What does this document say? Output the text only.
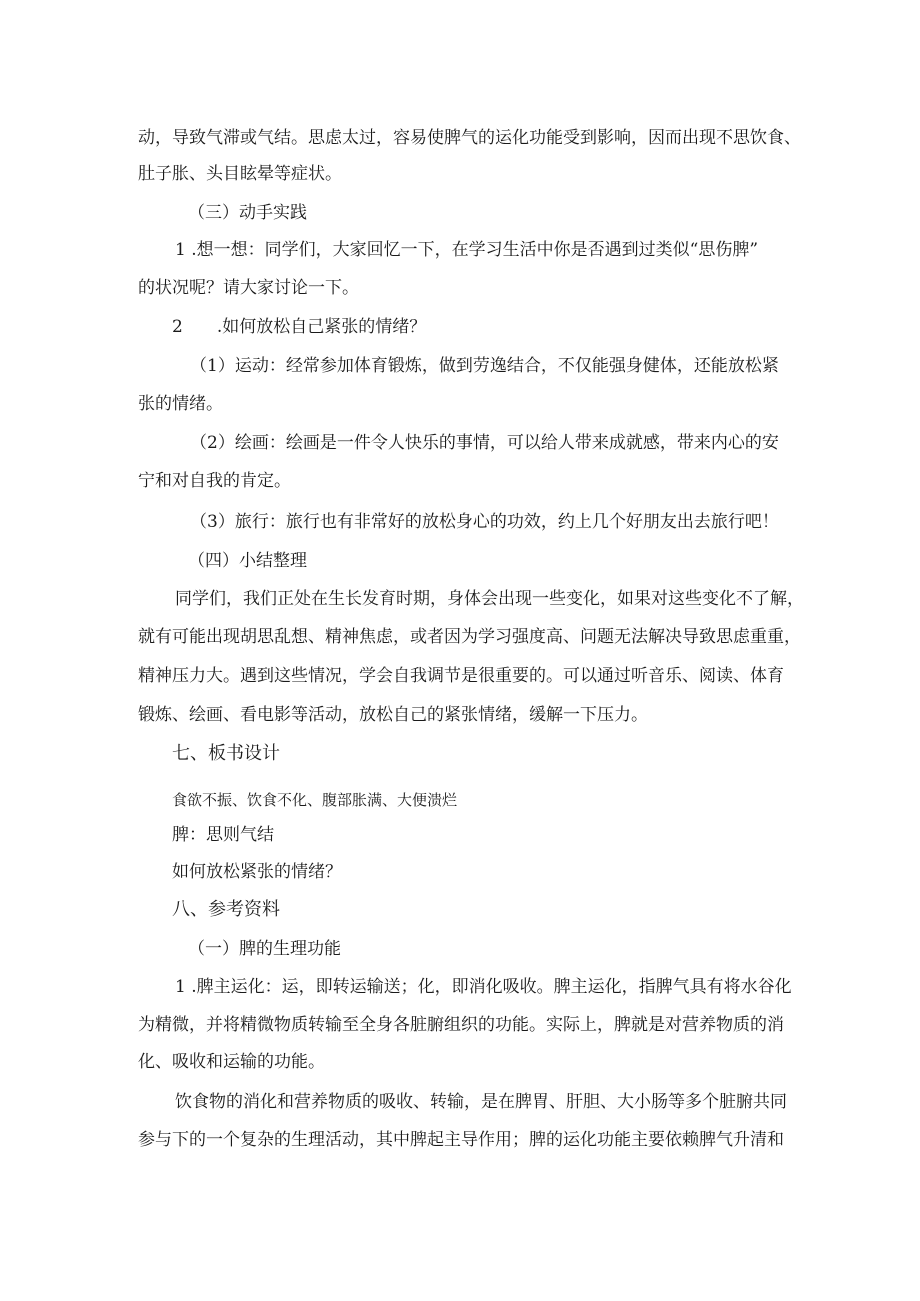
动，导致气滞或气结。思虑太过，容易使脾气的运化功能受到影响，因而出现不思饮食、

肚子胀、头目眩晕等症状。

（三）动手实践

1 .想一想：同学们，大家回忆一下，在学习生活中你是否遇到过类似“思伤脾”

的状况呢？请大家讨论一下。

2　　.如何放松自己紧张的情绪？

（1）运动：经常参加体育锻炼，做到劳逸结合，不仅能强身健体，还能放松紧

张的情绪。

（2）绘画：绘画是一件令人快乐的事情，可以给人带来成就感，带来内心的安

宁和对自我的肯定。

（3）旅行：旅行也有非常好的放松身心的功效，约上几个好朋友出去旅行吧！

（四）小结整理

同学们，我们正处在生长发育时期，身体会出现一些变化，如果对这些变化不了解，

就有可能出现胡思乱想、精神焦虑，或者因为学习强度高、问题无法解决导致思虑重重，

精神压力大。遇到这些情况，学会自我调节是很重要的。可以通过听音乐、阅读、体育

锻炼、绘画、看电影等活动，放松自己的紧张情绪，缓解一下压力。

七、板书设计

食欲不振、饮食不化、腹部胀满、大便溃烂

脾：思则气结

如何放松紧张的情绪？

八、参考资料

（一）脾的生理功能

1 .脾主运化：运，即转运输送；化，即消化吸收。脾主运化，指脾气具有将水谷化

为精微，并将精微物质转输至全身各脏腑组织的功能。实际上，脾就是对营养物质的消

化、吸收和运输的功能。

饮食物的消化和营养物质的吸收、转输，是在脾胃、肝胆、大小肠等多个脏腑共同

参与下的一个复杂的生理活动，其中脾起主导作用；脾的运化功能主要依赖脾气升清和
